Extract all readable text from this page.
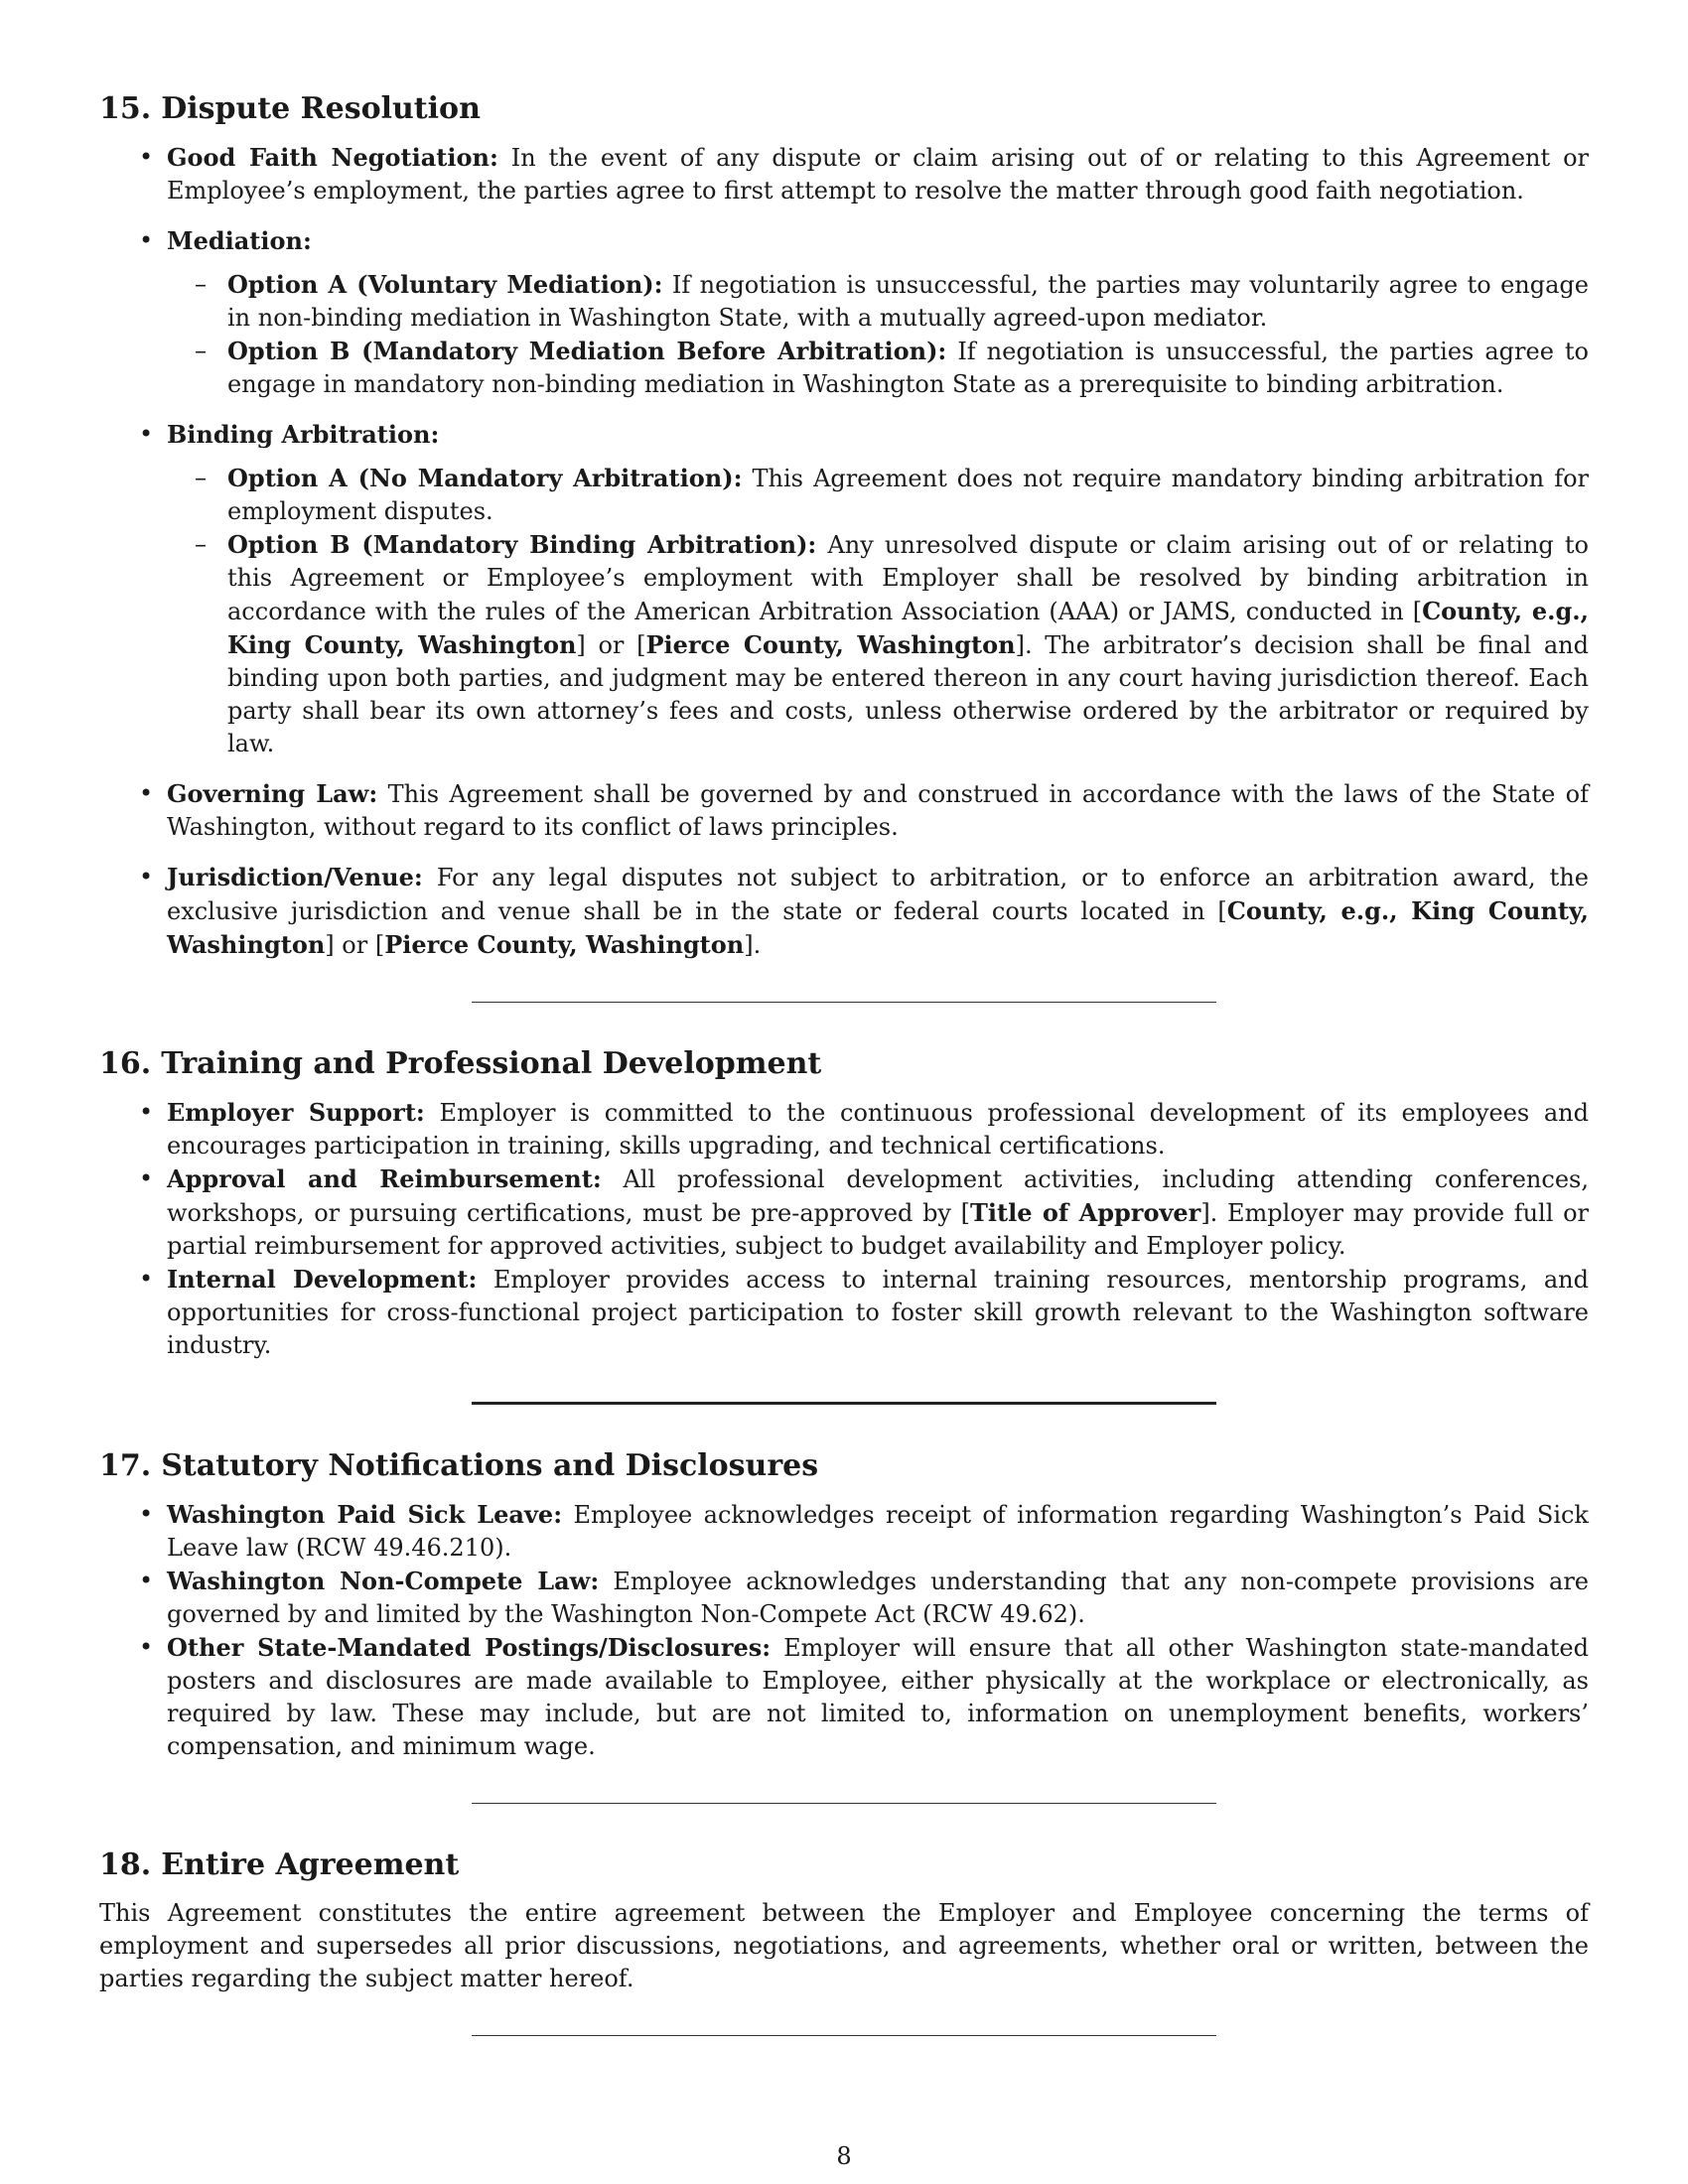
15. Dispute Resolution
• Good Faith Negotiation: In the event of any dispute or claim arising out of or relating to this Agreement or Employee’s employment, the parties agree to first attempt to resolve the matter through good faith negotiation.
• Mediation:
– Option A (Voluntary Mediation): If negotiation is unsuccessful, the parties may voluntarily agree to engage in non-binding mediation in Washington State, with a mutually agreed-upon mediator.
– Option B (Mandatory Mediation Before Arbitration): If negotiation is unsuccessful, the parties agree to engage in mandatory non-binding mediation in Washington State as a prerequisite to binding arbitration.
• Binding Arbitration:
– Option A (No Mandatory Arbitration): This Agreement does not require mandatory binding arbitration for employment disputes.
– Option B (Mandatory Binding Arbitration): Any unresolved dispute or claim arising out of or relating to this Agreement or Employee’s employment with Employer shall be resolved by binding arbitration in accordance with the rules of the American Arbitration Association (AAA) or JAMS, conducted in [County, e.g., King County, Washington] or [Pierce County, Washington]. The arbitrator’s decision shall be final and binding upon both parties, and judgment may be entered thereon in any court having jurisdiction thereof. Each party shall bear its own attorney’s fees and costs, unless otherwise ordered by the arbitrator or required by law.
• Governing Law: This Agreement shall be governed by and construed in accordance with the laws of the State of Washington, without regard to its conflict of laws principles.
• Jurisdiction/Venue: For any legal disputes not subject to arbitration, or to enforce an arbitration award, the exclusive jurisdiction and venue shall be in the state or federal courts located in [County, e.g., King County, Washington] or [Pierce County, Washington].
16. Training and Professional Development
• Employer Support: Employer is committed to the continuous professional development of its employees and encourages participation in training, skills upgrading, and technical certifications.
• Approval and Reimbursement: All professional development activities, including attending conferences, workshops, or pursuing certifications, must be pre-approved by [Title of Approver]. Employer may provide full or partial reimbursement for approved activities, subject to budget availability and Employer policy.
• Internal Development: Employer provides access to internal training resources, mentorship programs, and opportunities for cross-functional project participation to foster skill growth relevant to the Washington software industry.
17. Statutory Notifications and Disclosures
• Washington Paid Sick Leave: Employee acknowledges receipt of information regarding Washington’s Paid Sick Leave law (RCW 49.46.210).
• Washington Non-Compete Law: Employee acknowledges understanding that any non-compete provisions are governed by and limited by the Washington Non-Compete Act (RCW 49.62).
• Other State-Mandated Postings/Disclosures: Employer will ensure that all other Washington state-mandated posters and disclosures are made available to Employee, either physically at the workplace or electronically, as required by law. These may include, but are not limited to, information on unemployment benefits, workers’ compensation, and minimum wage.
18. Entire Agreement

This Agreement constitutes the entire agreement between the Employer and Employee concerning the terms of employment and supersedes all prior discussions, negotiations, and agreements, whether oral or written, between the parties regarding the subject matter hereof.

8
